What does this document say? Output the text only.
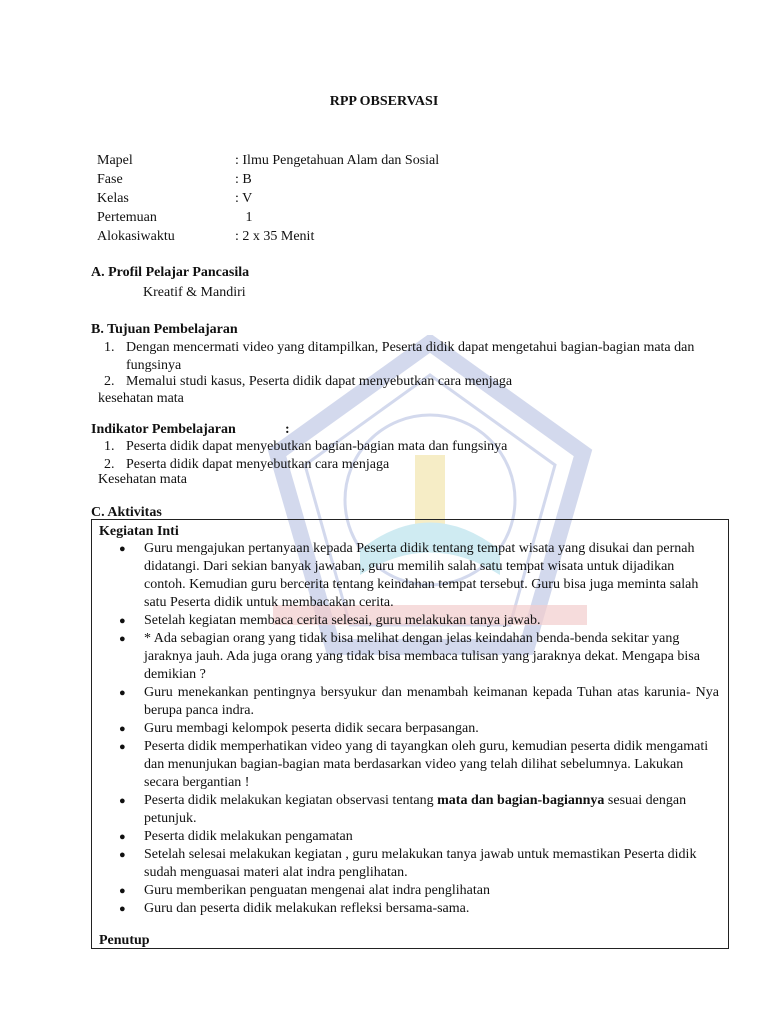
RPP OBSERVASI
Mapel	: Ilmu Pengetahuan Alam dan Sosial
Fase	: B
Kelas	: V
Pertemuan	1
Alokasiwaktu	: 2 x 35 Menit
A. Profil Pelajar Pancasila
Kreatif & Mandiri
B. Tujuan Pembelajaran
1. Dengan mencermati video yang ditampilkan, Peserta didik dapat mengetahui bagian-bagian mata dan fungsinya
2. Memalui studi kasus, Peserta didik dapat menyebutkan cara menjaga
kesehatan mata
Indikator Pembelajaran	:
1. Peserta didik dapat menyebutkan bagian-bagian mata dan fungsinya
2. Peserta didik dapat menyebutkan cara menjaga
Kesehatan mata
C. Aktivitas
Kegiatan Inti
● Guru mengajukan pertanyaan kepada Peserta didik tentang tempat wisata yang disukai dan pernah didatangi. Dari sekian banyak jawaban, guru memilih salah satu tempat wisata untuk dijadikan contoh. Kemudian guru bercerita tentang keindahan tempat tersebut. Guru bisa juga meminta salah satu Peserta didik untuk membacakan cerita.
● Setelah kegiatan membaca cerita selesai, guru melakukan tanya jawab.
● * Ada sebagian orang yang tidak bisa melihat dengan jelas keindahan benda-benda sekitar yang jaraknya jauh. Ada juga orang yang tidak bisa membaca tulisan yang jaraknya dekat. Mengapa bisa demikian ?
● Guru menekankan pentingnya bersyukur dan menambah keimanan kepada Tuhan atas karunia- Nya berupa panca indra.
● Guru membagi kelompok peserta didik secara berpasangan.
● Peserta didik memperhatikan video yang di tayangkan oleh guru, kemudian peserta didik mengamati dan menunjukan bagian-bagian mata berdasarkan video yang telah dilihat sebelumnya. Lakukan secara bergantian !
● Peserta didik melakukan kegiatan observasi tentang mata dan bagian-bagiannya sesuai dengan petunjuk.
● Peserta didik melakukan pengamatan
● Setelah selesai melakukan kegiatan , guru melakukan tanya jawab untuk memastikan Peserta didik sudah menguasai materi alat indra penglihatan.
● Guru memberikan penguatan mengenai alat indra penglihatan
● Guru dan peserta didik melakukan refleksi bersama-sama.
Penutup
